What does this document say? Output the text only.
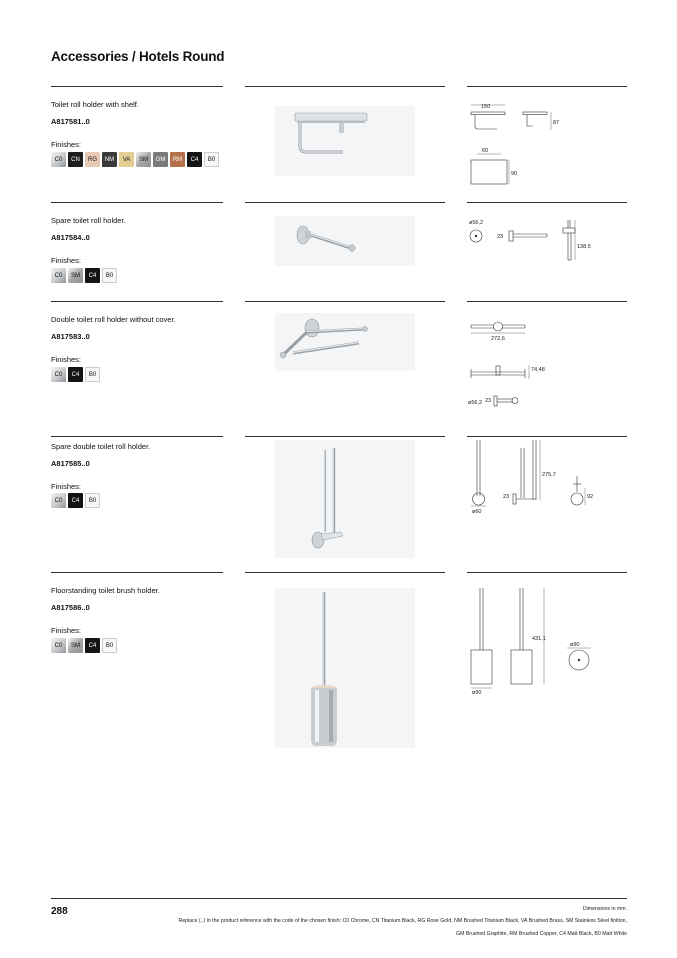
Accessories / Hotels Round
Toilet roll holder with shelf.
A817581..0
Finishes:
C0	CN	RG	NM	VA	SM	GM	RM	C4	B0
150
87
60
90
Spare toilet roll holder.
A817584..0
Finishes:
C0	SM	C4	B0
ø56,2
23
138,5
Double toilet roll holder without cover.
A817583..0
Finishes:
C0	C4	B0
272,6
74,48
ø56,2 23
Spare double toilet roll holder.
A817585..0
Finishes:
C0	C4	B0
ø60
23
275,7
92
Floorstanding toilet brush holder.
A817586..0
Finishes:
C0	SM	C4	B0
ø90
431,1
ø90
288	Dimensions in mm.
Replace (..) in the product reference with the code of the chosen finish: C0 Chrome, CN Titanium Black, RG Rose Gold, NM Brushed Titanium Black, VA Brushed Brass, SM Stainless Steel finition,
GM Brushed Graphite, RM Brushed Copper, C4 Matt Black, B0 Matt White
